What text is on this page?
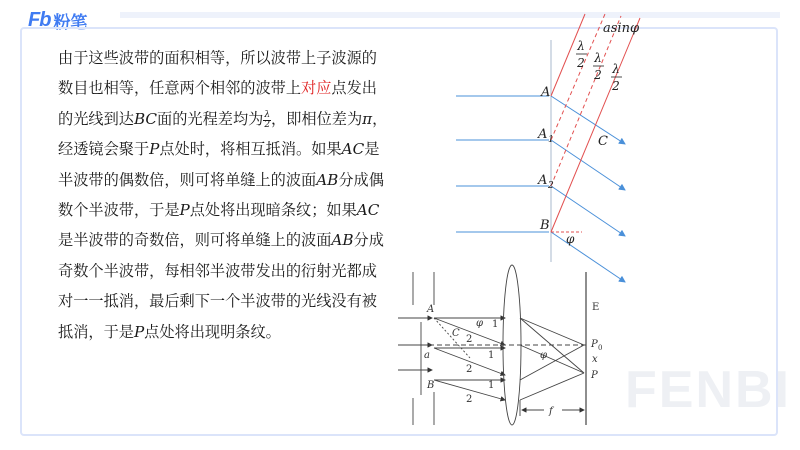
Fb 粉笔

由于这些波带的面积相等，所以波带上子波源的数目也相等，任意两个相邻的波带上对应点发出的光线到达BC面的光程差均为 $\frac{\lambda}{2}$ ，即相位差为π，经透镜会聚于P点处时，将相互抵消。如果AC是半波带的偶数倍，则可将单缝上的波面AB分成偶数个半波带，于是P点处将出现暗条纹；如果AC是半波带的奇数倍，则可将单缝上的波面AB分成奇数个半波带，每相邻半波带发出的衍射光都成对一一抵消，最后剩下一个半波带的光线没有被抵消，于是P点处将出现明条纹。

FENBI
asinφ
λ
2 λ
2 λ
2
A
A 1
A 2
B
C
φ
A
B
C
a
φ
φ
E
P 0
x
P
f
1
2
1
2
1
2
